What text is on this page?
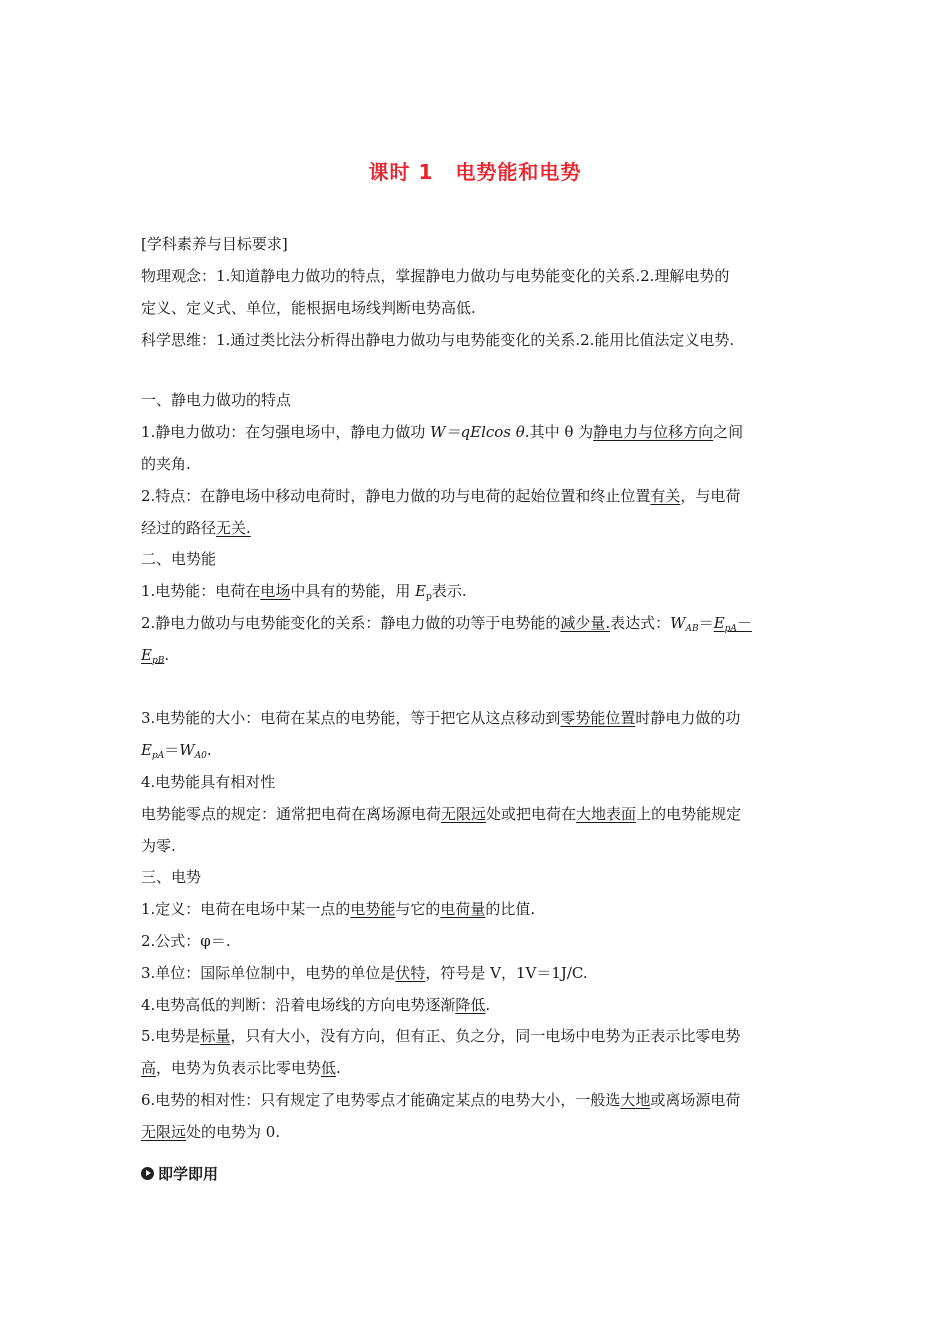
课时 1 电势能和电势
[学科素养与目标要求]
物理观念：1.知道静电力做功的特点，掌握静电力做功与电势能变化的关系.2.理解电势的
定义、定义式、单位，能根据电场线判断电势高低.
科学思维：1.通过类比法分析得出静电力做功与电势能变化的关系.2.能用比值法定义电势.
一、静电力做功的特点
1.静电力做功：在匀强电场中，静电力做功 W＝qElcos θ.其中 θ 为静电力与位移方向之间
的夹角.
2.特点：在静电场中移动电荷时，静电力做的功与电荷的起始位置和终止位置有关，与电荷
经过的路径无关.
二、电势能
1.电势能：电荷在电场中具有的势能，用 $E_p$表示.
2.静电力做功与电势能变化的关系：静电力做的功等于电势能的减少量.表达式：$W_{AB}=E_{pA}-$
$E_{pB}$.
3.电势能的大小：电荷在某点的电势能，等于把它从这点移动到零势能位置时静电力做的功
$E_{pA}=W_{A0}$.
4.电势能具有相对性
电势能零点的规定：通常把电荷在离场源电荷无限远处或把电荷在大地表面上的电势能规定
为零.
三、电势
1.定义：电荷在电场中某一点的电势能与它的电荷量的比值.
2.公式：φ＝.
3.单位：国际单位制中，电势的单位是伏特，符号是 V，1V＝1J/C.
4.电势高低的判断：沿着电场线的方向电势逐渐降低.
5.电势是标量，只有大小，没有方向，但有正、负之分，同一电场中电势为正表示比零电势
高，电势为负表示比零电势低.
6.电势的相对性：只有规定了电势零点才能确定某点的电势大小，一般选大地或离场源电荷
无限远处的电势为 0.
即学即用
